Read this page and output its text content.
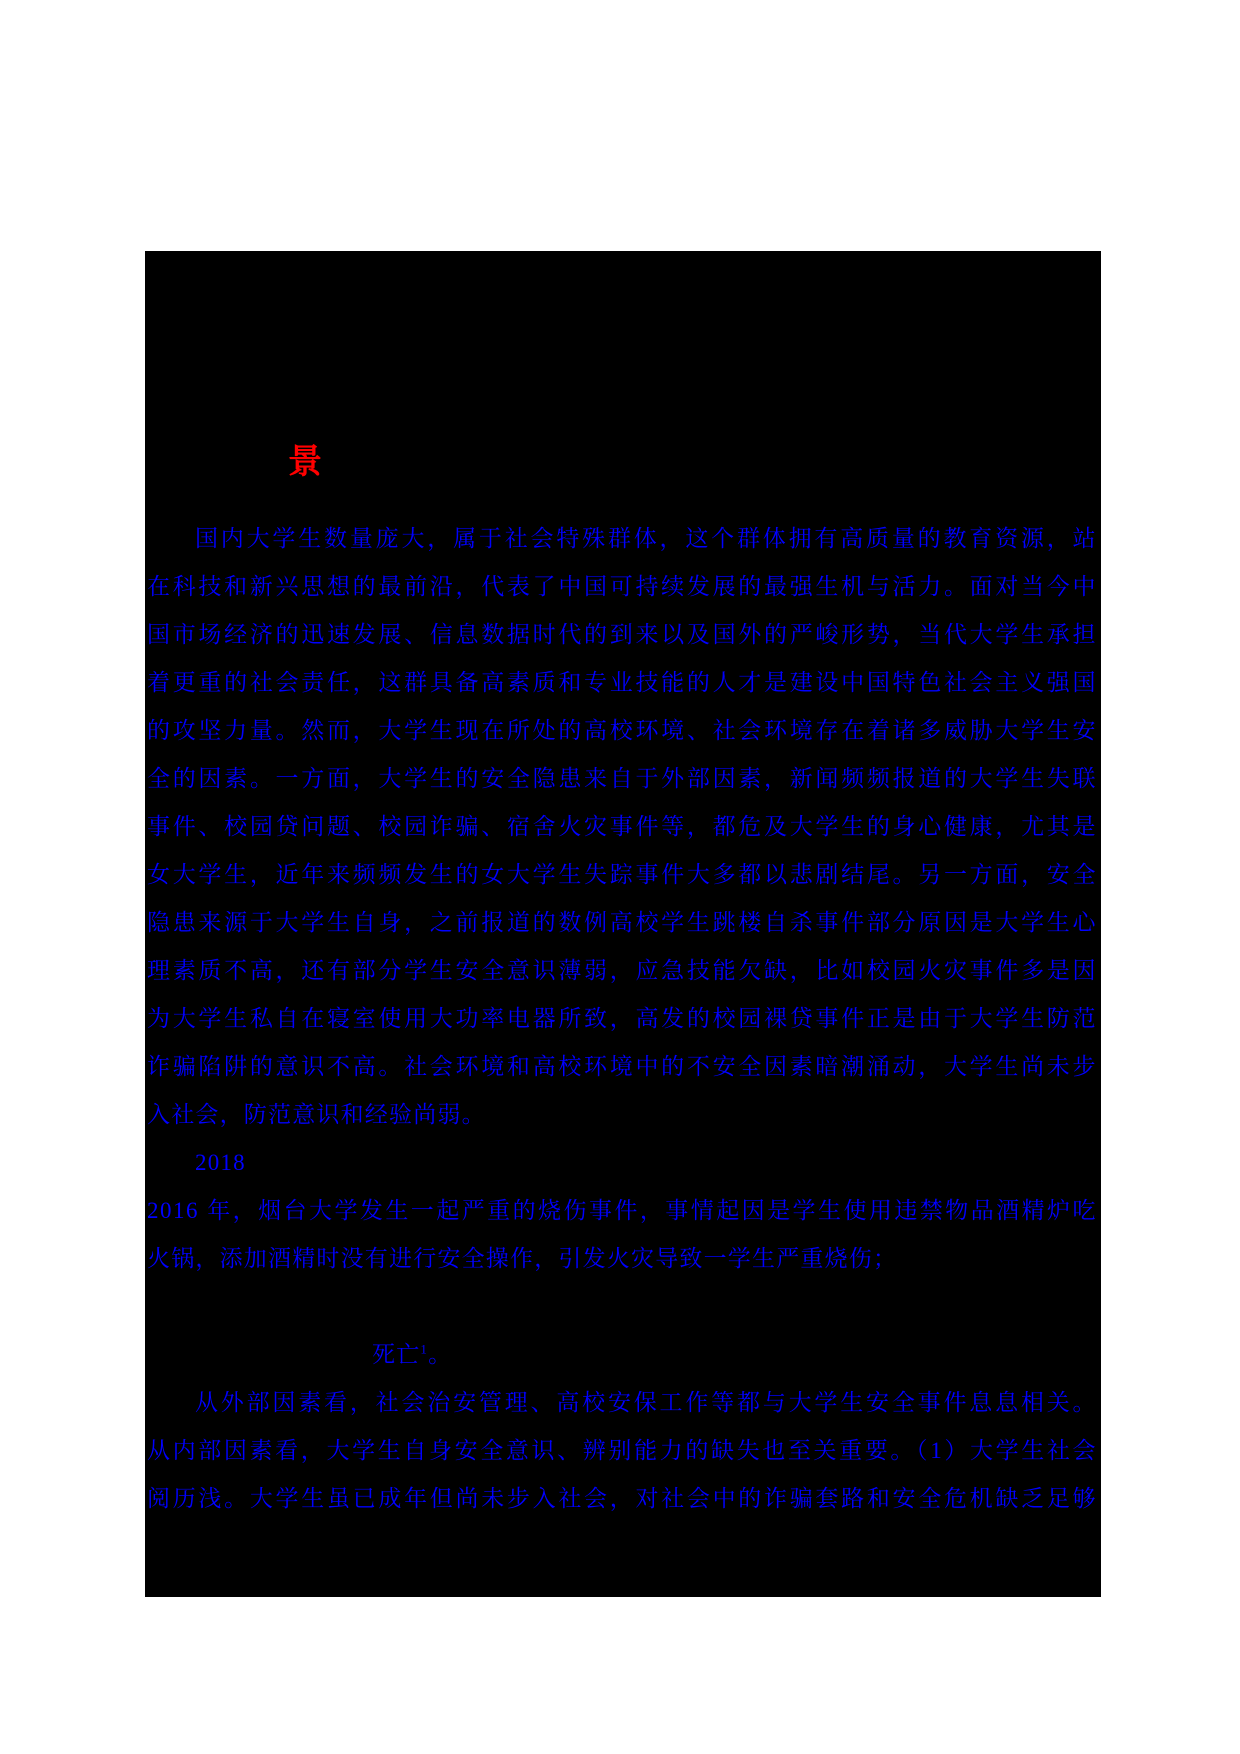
景
国内大学生数量庞大，属于社会特殊群体，这个群体拥有高质量的教育资源，站
在科技和新兴思想的最前沿，代表了中国可持续发展的最强生机与活力。面对当今中
国市场经济的迅速发展、信息数据时代的到来以及国外的严峻形势，当代大学生承担
着更重的社会责任，这群具备高素质和专业技能的人才是建设中国特色社会主义强国
的攻坚力量。然而，大学生现在所处的高校环境、社会环境存在着诸多威胁大学生安
全的因素。一方面，大学生的安全隐患来自于外部因素，新闻频频报道的大学生失联
事件、校园贷问题、校园诈骗、宿舍火灾事件等，都危及大学生的身心健康，尤其是
女大学生，近年来频频发生的女大学生失踪事件大多都以悲剧结尾。另一方面，安全
隐患来源于大学生自身，之前报道的数例高校学生跳楼自杀事件部分原因是大学生心
理素质不高，还有部分学生安全意识薄弱，应急技能欠缺，比如校园火灾事件多是因
为大学生私自在寝室使用大功率电器所致，高发的校园裸贷事件正是由于大学生防范
诈骗陷阱的意识不高。社会环境和高校环境中的不安全因素暗潮涌动，大学生尚未步
入社会，防范意识和经验尚弱。
2018
2016 年，烟台大学发生一起严重的烧伤事件，事情起因是学生使用违禁物品酒精炉吃
火锅，添加酒精时没有进行安全操作，引发火灾导致一学生严重烧伤；
死亡$^1$。
从外部因素看，社会治安管理、高校安保工作等都与大学生安全事件息息相关。
从内部因素看，大学生自身安全意识、辨别能力的缺失也至关重要。（1）大学生社会
阅历浅。大学生虽已成年但尚未步入社会，对社会中的诈骗套路和安全危机缺乏足够
